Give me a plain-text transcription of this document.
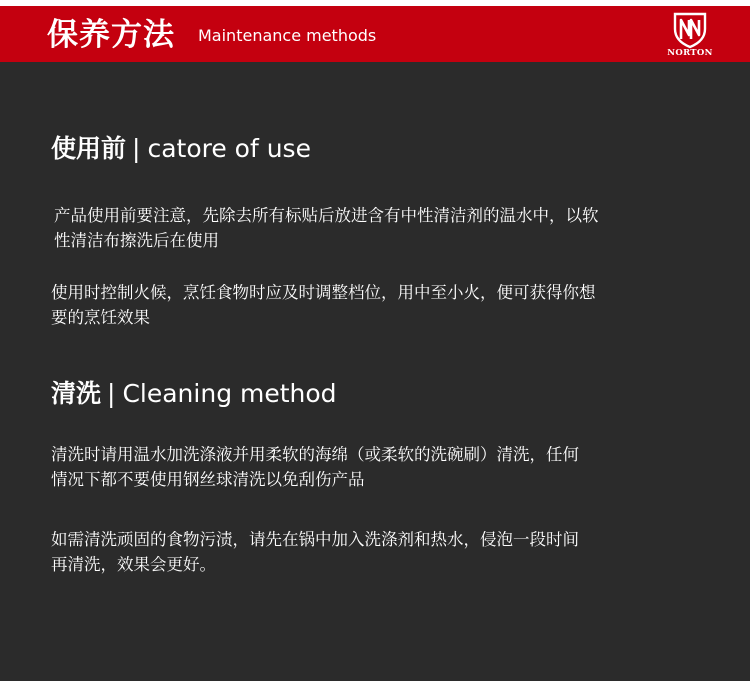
保养方法 Maintenance methods
NORTON
使用前 | catore of use
产品使用前要注意，先除去所有标贴后放进含有中性清洁剂的温水中，以软
性清洁布擦洗后在使用
使用时控制火候，烹饪食物时应及时调整档位，用中至小火，便可获得你想
要的烹饪效果
清洗 | Cleaning method
清洗时请用温水加洗涤液并用柔软的海绵（或柔软的洗碗刷）清洗，任何
情况下都不要使用钢丝球清洗以免刮伤产品
如需清洗顽固的食物污渍，请先在锅中加入洗涤剂和热水，侵泡一段时间
再清洗，效果会更好。
